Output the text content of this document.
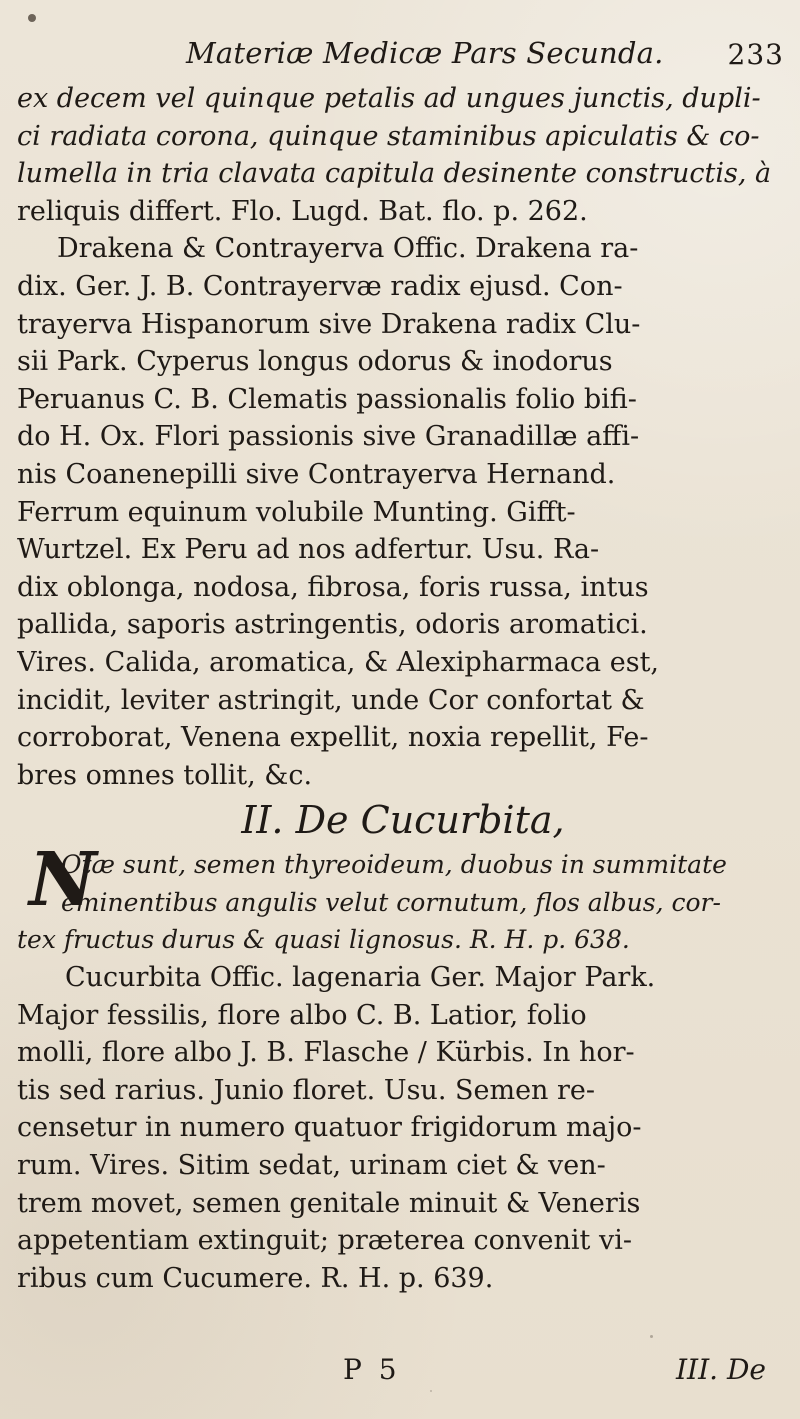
Materiæ Medicæ Pars Secunda. 233
ex decem vel quinque petalis ad ungues junctis, dupli-
ci radiata corona, quinque staminibus apiculatis & co-
lumella in tria clavata capitula desinente constructis, à
reliquis differt. Flo. Lugd. Bat. flo. p. 262.
Drakena & Contrayerva Offic. Drakena ra-
dix. Ger. J. B. Contrayervæ radix ejusd. Con-
trayerva Hispanorum sive Drakena radix Clu-
sii Park. Cyperus longus odorus & inodorus
Peruanus C. B. Clematis passionalis folio bifi-
do H. Ox. Flori passionis sive Granadillæ affi-
nis Coanenepilli sive Contrayerva Hernand.
Ferrum equinum volubile Munting. Gifft-
Wurtzel. Ex Peru ad nos adfertur. Usu. Ra-
dix oblonga, nodosa, fibrosa, foris russa, intus
pallida, saporis astringentis, odoris aromatici.
Vires. Calida, aromatica, & Alexipharmaca est,
incidit, leviter astringit, unde Cor confortat &
corroborat, Venena expellit, noxia repellit, Fe-
bres omnes tollit, &c.
II. De Cucurbita,
N
Otæ sunt, semen thyreoideum, duobus in summitate
eminentibus angulis velut cornutum, flos albus, cor-
tex fructus durus & quasi lignosus. R. H. p. 638.
Cucurbita Offic. lagenaria Ger. Major Park.
Major fessilis, flore albo C. B. Latior, folio
molli, flore albo J. B. Flasche / Kürbis. In hor-
tis sed rarius. Junio floret. Usu. Semen re-
censetur in numero quatuor frigidorum majo-
rum. Vires. Sitim sedat, urinam ciet & ven-
trem movet, semen genitale minuit & Veneris
appetentiam extinguit; præterea convenit vi-
ribus cum Cucumere. R. H. p. 639.
P 5	III. De
